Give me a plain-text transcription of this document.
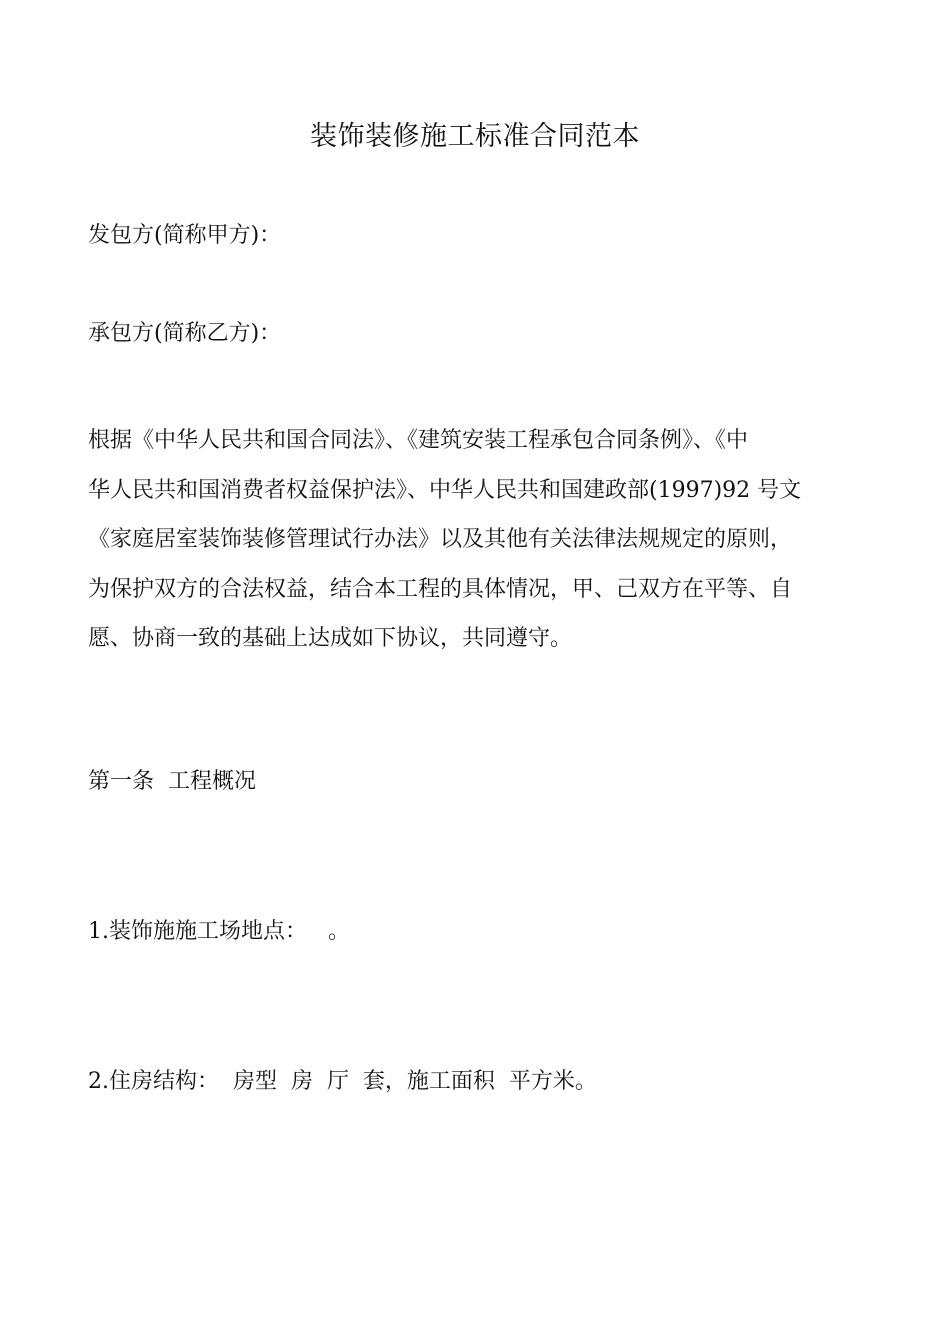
装饰装修施工标准合同范本

发包方(简称甲方)：

承包方(简称乙方)：

根据《中华人民共和国合同法》、《建筑安装工程承包合同条例》、《中
华人民共和国消费者权益保护法》、中华人民共和国建政部(1997)92 号文
《家庭居室装饰装修管理试行办法》以及其他有关法律法规规定的原则，
为保护双方的合法权益，结合本工程的具体情况，甲、己双方在平等、自
愿、协商一致的基础上达成如下协议，共同遵守。

第一条  工程概况

1.装饰施施工场地点：   。

2.住房结构：  房型  房  厅  套，施工面积  平方米。
